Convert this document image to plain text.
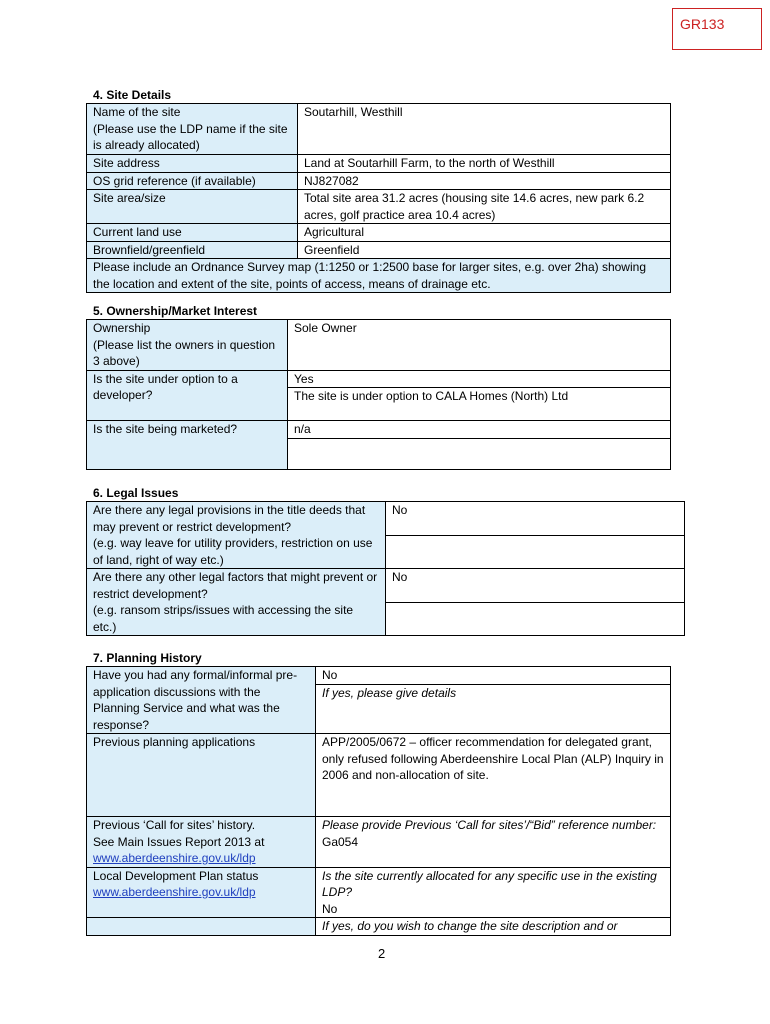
GR133
4. Site Details
Name of the site
(Please use the LDP name if the site is already allocated)	Soutarhill, Westhill
Site address	Land at Soutarhill Farm, to the north of Westhill
OS grid reference (if available)	NJ827082
Site area/size	Total site area 31.2 acres (housing site 14.6 acres, new park 6.2 acres, golf practice area 10.4 acres)
Current land use	Agricultural
Brownfield/greenfield	Greenfield
Please include an Ordnance Survey map (1:1250 or 1:2500 base for larger sites, e.g. over 2ha) showing the location and extent of the site, points of access, means of drainage etc.	
5. Ownership/Market Interest
Ownership
(Please list the owners in question 3 above)	Sole Owner
Is the site under option to a developer?	Yes
	The site is under option to CALA Homes (North) Ltd
Is the site being marketed?	n/a

6. Legal Issues
Are there any legal provisions in the title deeds that may prevent or restrict development?
(e.g. way leave for utility providers, restriction on use of land, right of way etc.)	No

Are there any other legal factors that might prevent or restrict development?
(e.g. ransom strips/issues with accessing the site etc.)	No

7. Planning History
Have you had any formal/informal pre-application discussions with the Planning Service and what was the response?	No
	If yes, please give details
Previous planning applications	APP/2005/0672 – officer recommendation for delegated grant, only refused following Aberdeenshire Local Plan (ALP) Inquiry in 2006 and non-allocation of site.
Previous ‘Call for sites’ history.
See Main Issues Report 2013 at
www.aberdeenshire.gov.uk/ldp	Please provide Previous ‘Call for sites’/“Bid” reference number:
Ga054
Local Development Plan status
www.aberdeenshire.gov.uk/ldp	Is the site currently allocated for any specific use in the existing LDP?
No
	If yes, do you wish to change the site description and or
2
